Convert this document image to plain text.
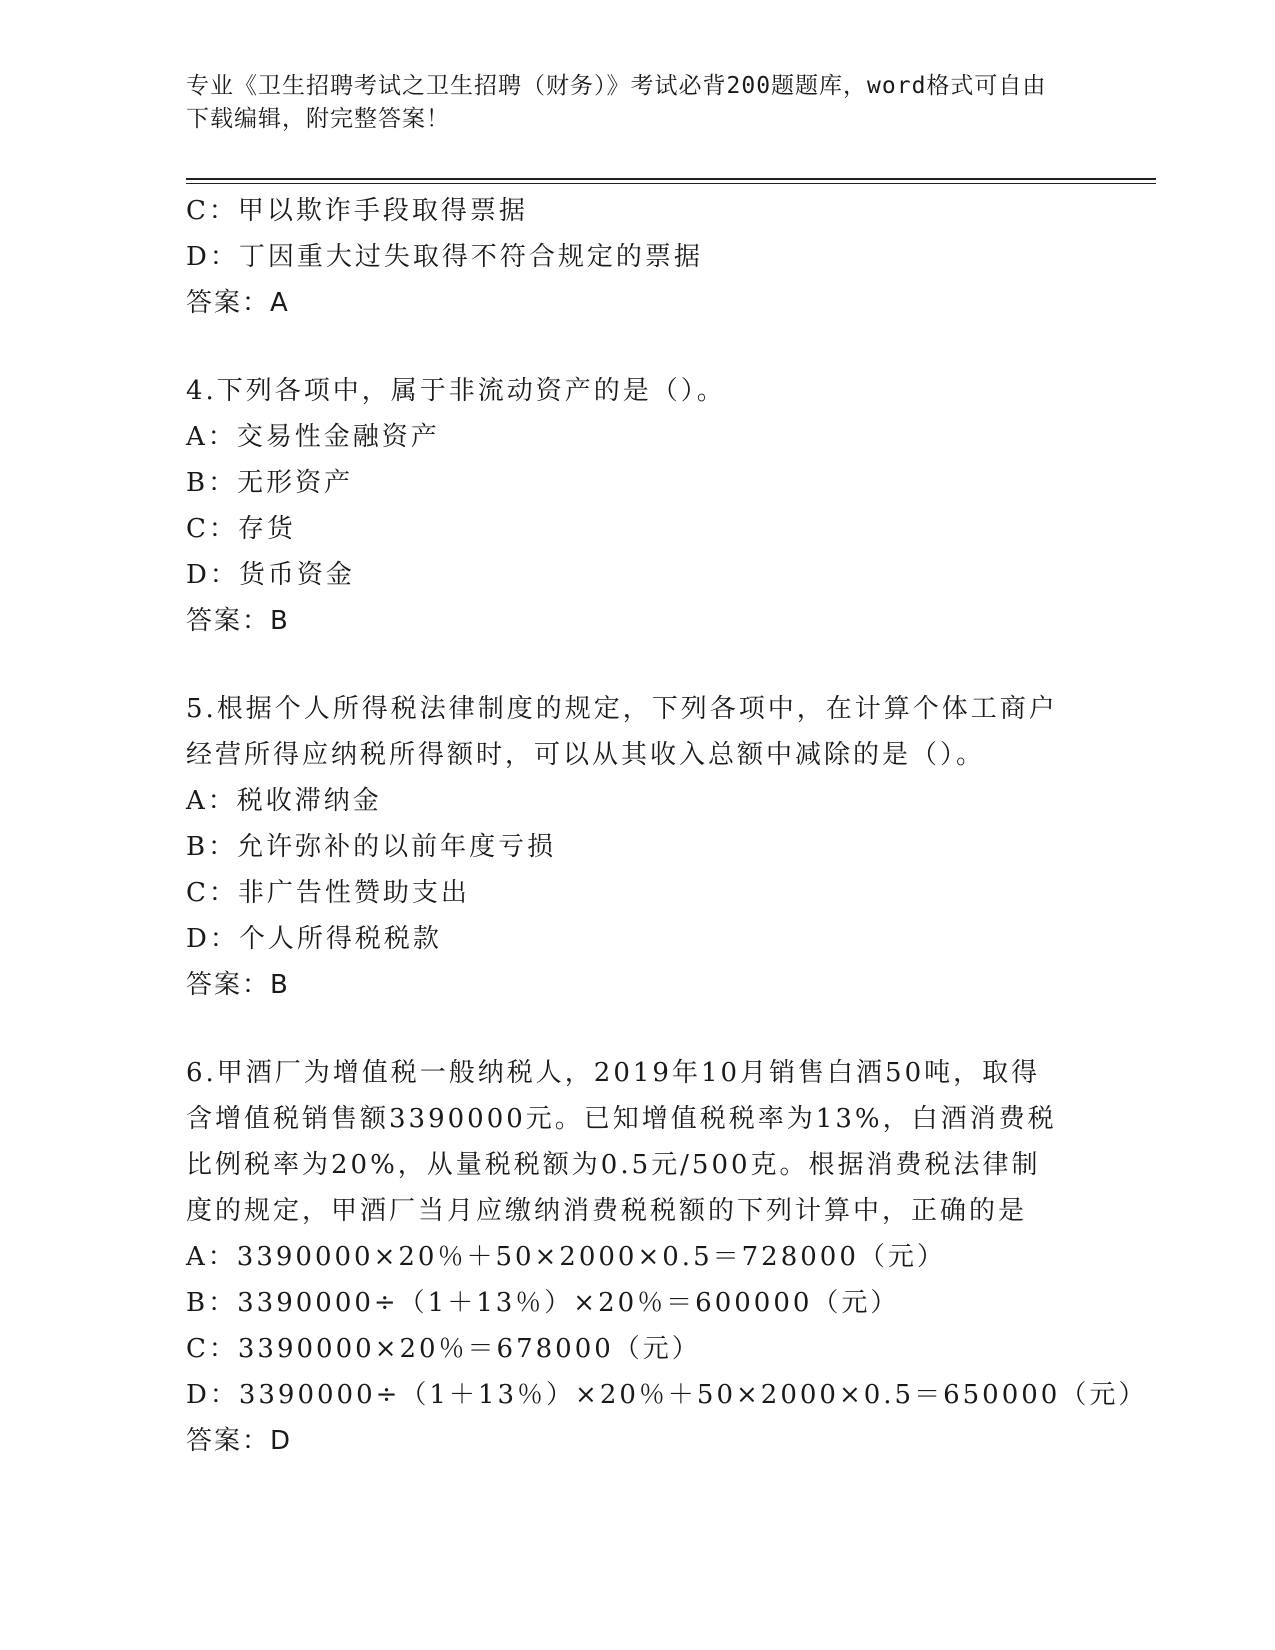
专业《卫生招聘考试之卫生招聘（财务）》考试必背200题题库，word格式可自由下载编辑，附完整答案！
C：甲以欺诈手段取得票据
D：丁因重大过失取得不符合规定的票据
答案：A
4.下列各项中，属于非流动资产的是（）。
A：交易性金融资产
B：无形资产
C：存货
D：货币资金
答案：B
5.根据个人所得税法律制度的规定，下列各项中，在计算个体工商户经营所得应纳税所得额时，可以从其收入总额中减除的是（）。
A：税收滞纳金
B：允许弥补的以前年度亏损
C：非广告性赞助支出
D：个人所得税税款
答案：B
6.甲酒厂为增值税一般纳税人，2019年10月销售白酒50吨，取得含增值税销售额3390000元。已知增值税税率为13%，白酒消费税比例税率为20%，从量税税额为0.5元/500克。根据消费税法律制度的规定，甲酒厂当月应缴纳消费税税额的下列计算中，正确的是
A：3390000×20％＋50×2000×0.5＝728000（元）
B：3390000÷（1＋13％）×20％＝600000（元）
C：3390000×20％＝678000（元）
D：3390000÷（1＋13％）×20％＋50×2000×0.5＝650000（元）
答案：D
